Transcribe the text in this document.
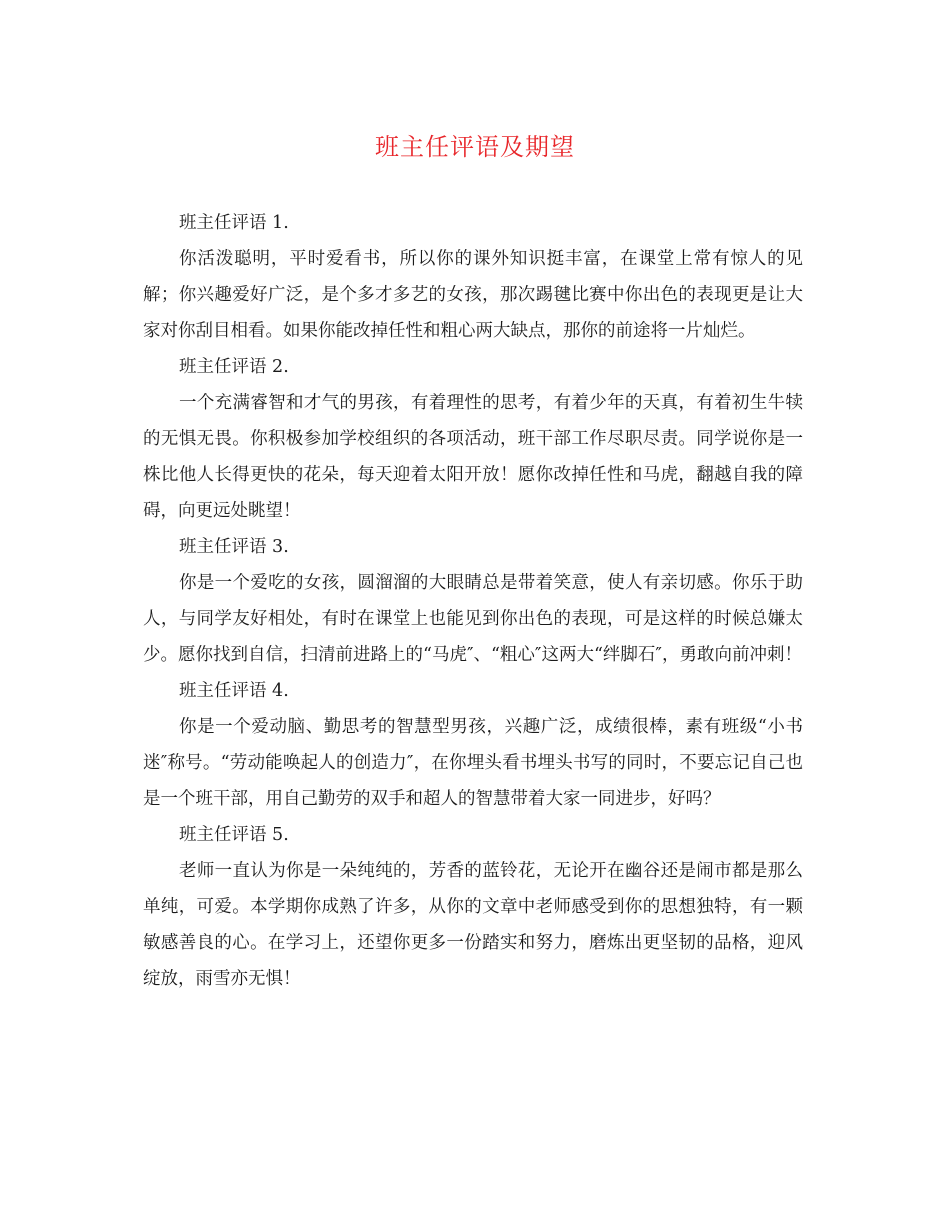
班主任评语及期望

班主任评语 1.

你活泼聪明，平时爱看书，所以你的课外知识挺丰富，在课堂上常有惊人的见解；你兴趣爱好广泛，是个多才多艺的女孩，那次踢毽比赛中你出色的表现更是让大家对你刮目相看。如果你能改掉任性和粗心两大缺点，那你的前途将一片灿烂。

班主任评语 2.

一个充满睿智和才气的男孩，有着理性的思考，有着少年的天真，有着初生牛犊的无惧无畏。你积极参加学校组织的各项活动，班干部工作尽职尽责。同学说你是一株比他人长得更快的花朵，每天迎着太阳开放！愿你改掉任性和马虎，翻越自我的障碍，向更远处眺望！

班主任评语 3.

你是一个爱吃的女孩，圆溜溜的大眼睛总是带着笑意，使人有亲切感。你乐于助人，与同学友好相处，有时在课堂上也能见到你出色的表现，可是这样的时候总嫌太少。愿你找到自信，扫清前进路上的“马虎″、“粗心″这两大“绊脚石″，勇敢向前冲刺！

班主任评语 4.

你是一个爱动脑、勤思考的智慧型男孩，兴趣广泛，成绩很棒，素有班级“小书迷″称号。“劳动能唤起人的创造力″，在你埋头看书埋头书写的同时，不要忘记自己也是一个班干部，用自己勤劳的双手和超人的智慧带着大家一同进步，好吗？

班主任评语 5.

老师一直认为你是一朵纯纯的，芳香的蓝铃花，无论开在幽谷还是闹市都是那么单纯，可爱。本学期你成熟了许多，从你的文章中老师感受到你的思想独特，有一颗敏感善良的心。在学习上，还望你更多一份踏实和努力，磨炼出更坚韧的品格，迎风绽放，雨雪亦无惧！
